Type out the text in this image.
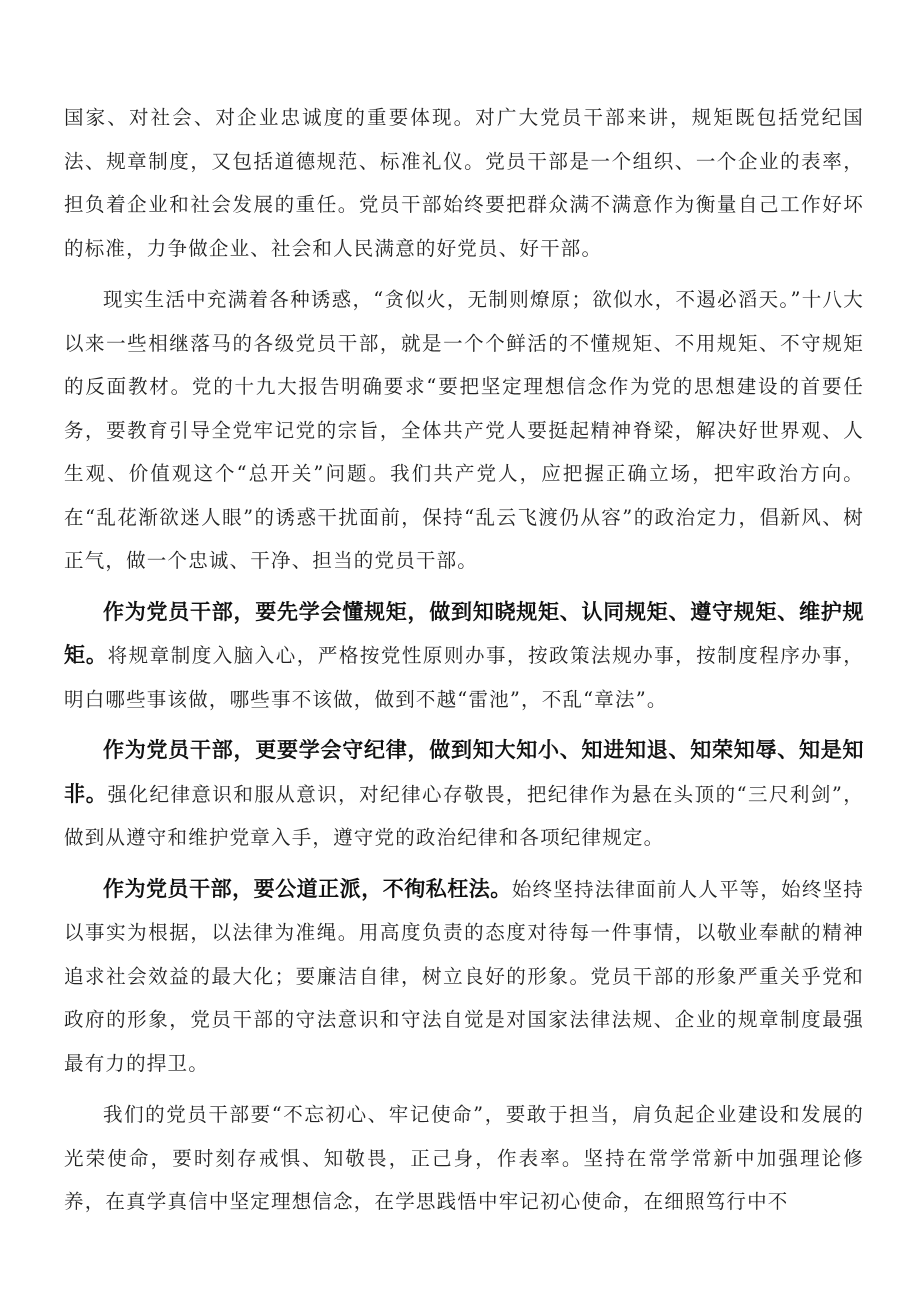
国家、对社会、对企业忠诚度的重要体现。对广大党员干部来讲，规矩既包括党纪国法、规章制度，又包括道德规范、标准礼仪。党员干部是一个组织、一个企业的表率，担负着企业和社会发展的重任。党员干部始终要把群众满不满意作为衡量自己工作好坏的标准，力争做企业、社会和人民满意的好党员、好干部。

现实生活中充满着各种诱惑，“贪似火，无制则燎原；欲似水，不遏必滔天。”十八大以来一些相继落马的各级党员干部，就是一个个鲜活的不懂规矩、不用规矩、不守规矩的反面教材。党的十九大报告明确要求“要把坚定理想信念作为党的思想建设的首要任务，要教育引导全党牢记党的宗旨，全体共产党人要挺起精神脊梁，解决好世界观、人生观、价值观这个“总开关”问题。我们共产党人，应把握正确立场，把牢政治方向。在“乱花渐欲迷人眼”的诱惑干扰面前，保持“乱云飞渡仍从容”的政治定力，倡新风、树正气，做一个忠诚、干净、担当的党员干部。

作为党员干部，要先学会懂规矩，做到知晓规矩、认同规矩、遵守规矩、维护规矩。将规章制度入脑入心，严格按党性原则办事，按政策法规办事，按制度程序办事，明白哪些事该做，哪些事不该做，做到不越“雷池”，不乱“章法”。

作为党员干部，更要学会守纪律，做到知大知小、知进知退、知荣知辱、知是知非。强化纪律意识和服从意识，对纪律心存敬畏，把纪律作为悬在头顶的“三尺利剑”，做到从遵守和维护党章入手，遵守党的政治纪律和各项纪律规定。

作为党员干部，要公道正派，不徇私枉法。始终坚持法律面前人人平等，始终坚持以事实为根据，以法律为准绳。用高度负责的态度对待每一件事情，以敬业奉献的精神追求社会效益的最大化；要廉洁自律，树立良好的形象。党员干部的形象严重关乎党和政府的形象，党员干部的守法意识和守法自觉是对国家法律法规、企业的规章制度最强最有力的捍卫。

我们的党员干部要“不忘初心、牢记使命”，要敢于担当，肩负起企业建设和发展的光荣使命，要时刻存戒惧、知敬畏，正己身，作表率。坚持在常学常新中加强理论修养，在真学真信中坚定理想信念，在学思践悟中牢记初心使命，在细照笃行中不
